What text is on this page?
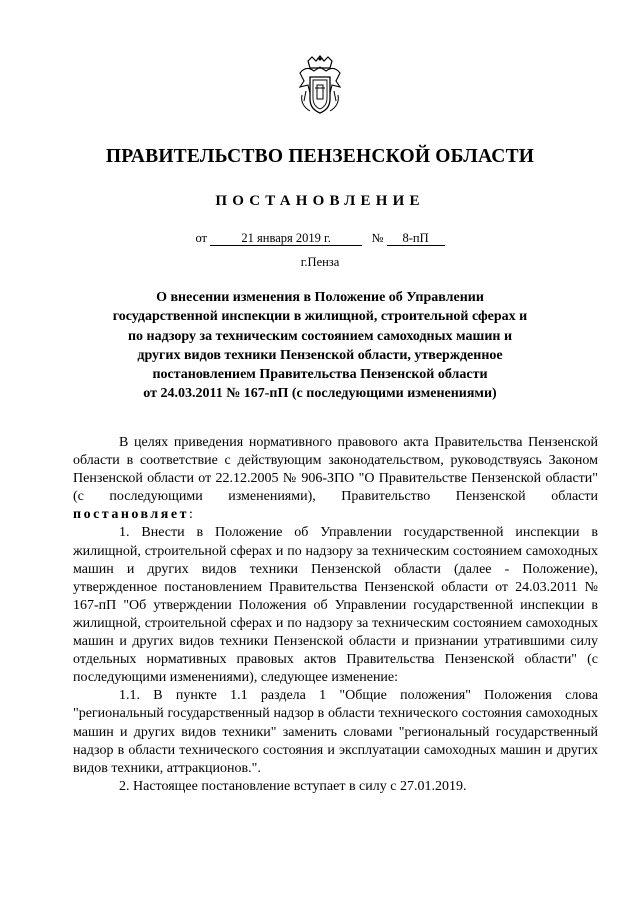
ПРАВИТЕЛЬСТВО ПЕНЗЕНСКОЙ ОБЛАСТИ
ПОСТАНОВЛЕНИЕ
от	21 января 2019 г.	№ 8-пП
г.Пенза
О внесении изменения в Положение об Управлении
государственной инспекции в жилищной, строительной сферах и
по надзору за техническим состоянием самоходных машин и
других видов техники Пензенской области, утвержденное
постановлением Правительства Пензенской области
от 24.03.2011 № 167-пП (с последующими изменениями)

В целях приведения нормативного правового акта Правительства Пензенской области в соответствие с действующим законодательством, руководствуясь Законом Пензенской области от 22.12.2005 № 906-ЗПО "О Правительстве Пензенской области" (с последующими изменениями), Правительство Пензенской области постановляет:

1. Внести в Положение об Управлении государственной инспекции в жилищной, строительной сферах и по надзору за техническим состоянием самоходных машин и других видов техники Пензенской области (далее - Положение), утвержденное постановлением Правительства Пензенской области от 24.03.2011 № 167-пП "Об утверждении Положения об Управлении государственной инспекции в жилищной, строительной сферах и по надзору за техническим состоянием самоходных машин и других видов техники Пензенской области и признании утратившими силу отдельных нормативных правовых актов Правительства Пензенской области" (с последующими изменениями), следующее изменение:

1.1. В пункте 1.1 раздела 1 "Общие положения" Положения слова "региональный государственный надзор в области технического состояния самоходных машин и других видов техники" заменить словами "региональный государственный надзор в области технического состояния и эксплуатации самоходных машин и других видов техники, аттракционов.".

2. Настоящее постановление вступает в силу с 27.01.2019.
